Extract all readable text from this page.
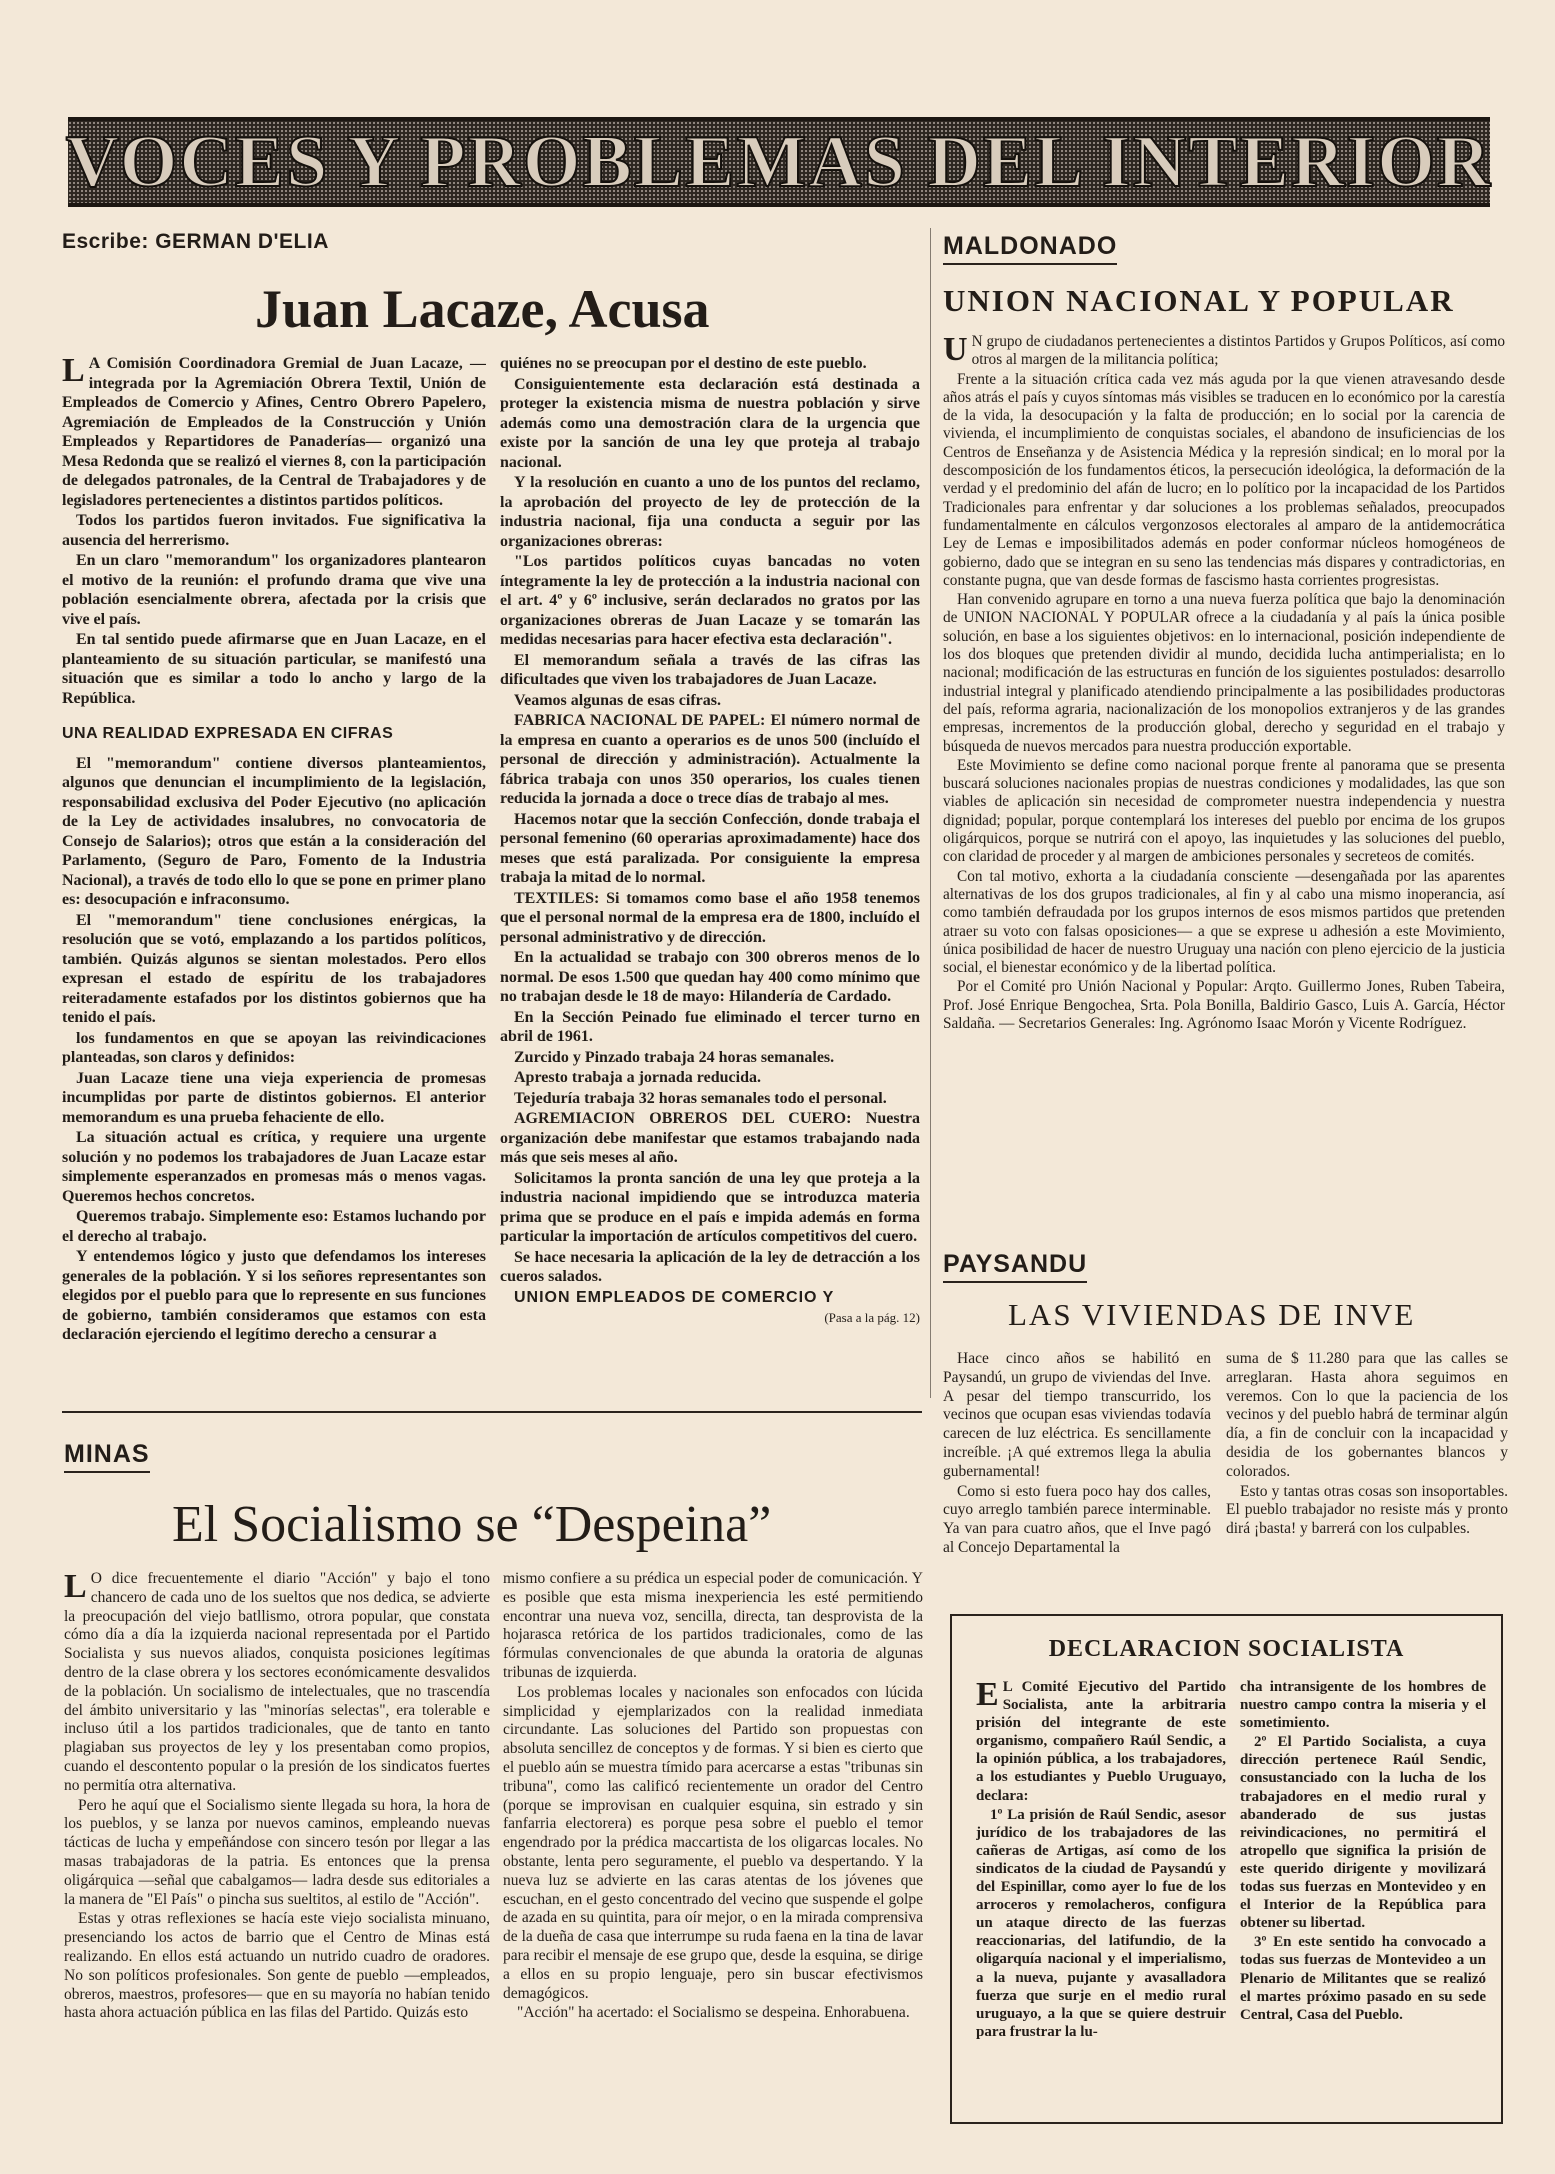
VOCES Y PROBLEMAS DEL INTERIOR
Escribe: GERMAN D'ELIA
Juan Lacaze, Acusa

LA Comisión Coordinadora Gremial de Juan Lacaze, —integrada por la Agremiación Obrera Textil, Unión de Empleados de Comercio y Afines, Centro Obrero Papelero, Agremiación de Empleados de la Construcción y Unión Empleados y Repartidores de Panaderías— organizó una Mesa Redonda que se realizó el viernes 8, con la participación de delegados patronales, de la Central de Trabajadores y de legisladores pertenecientes a distintos partidos políticos.

Todos los partidos fueron invitados. Fue significativa la ausencia del herrerismo.

En un claro "memorandum" los organizadores plantearon el motivo de la reunión: el profundo drama que vive una población esencialmente obrera, afectada por la crisis que vive el país.

En tal sentido puede afirmarse que en Juan Lacaze, en el planteamiento de su situación particular, se manifestó una situación que es similar a todo lo ancho y largo de la República.

UNA REALIDAD EXPRESADA EN CIFRAS

El "memorandum" contiene diversos planteamientos, algunos que denuncian el incumplimiento de la legislación, responsabilidad exclusiva del Poder Ejecutivo (no aplicación de la Ley de actividades insalubres, no convocatoria de Consejo de Salarios); otros que están a la consideración del Parlamento, (Seguro de Paro, Fomento de la Industria Nacional), a través de todo ello lo que se pone en primer plano es: desocupación e infraconsumo.

El "memorandum" tiene conclusiones enérgicas, la resolución que se votó, emplazando a los partidos políticos, también. Quizás algunos se sientan molestados. Pero ellos expresan el estado de espíritu de los trabajadores reiteradamente estafados por los distintos gobiernos que ha tenido el país.

los fundamentos en que se apoyan las reivindicaciones planteadas, son claros y definidos:

Juan Lacaze tiene una vieja experiencia de promesas incumplidas por parte de distintos gobiernos. El anterior memorandum es una prueba fehaciente de ello.

La situación actual es crítica, y requiere una urgente solución y no podemos los trabajadores de Juan Lacaze estar simplemente esperanzados en promesas más o menos vagas. Queremos hechos concretos.

Queremos trabajo. Simplemente eso: Estamos luchando por el derecho al trabajo.

Y entendemos lógico y justo que defendamos los intereses generales de la población. Y si los señores representantes son elegidos por el pueblo para que lo represente en sus funciones de gobierno, también consideramos que estamos con esta declaración ejerciendo el legítimo derecho a censurar a

quiénes no se preocupan por el destino de este pueblo.

Consiguientemente esta declaración está destinada a proteger la existencia misma de nuestra población y sirve además como una demostración clara de la urgencia que existe por la sanción de una ley que proteja al trabajo nacional.

Y la resolución en cuanto a uno de los puntos del reclamo, la aprobación del proyecto de ley de protección de la industria nacional, fija una conducta a seguir por las organizaciones obreras:

"Los partidos políticos cuyas bancadas no voten íntegramente la ley de protección a la industria nacional con el art. 4º y 6º inclusive, serán declarados no gratos por las organizaciones obreras de Juan Lacaze y se tomarán las medidas necesarias para hacer efectiva esta declaración".

El memorandum señala a través de las cifras las dificultades que viven los trabajadores de Juan Lacaze.

Veamos algunas de esas cifras.

FABRICA NACIONAL DE PAPEL: El número normal de la empresa en cuanto a operarios es de unos 500 (incluído el personal de dirección y administración). Actualmente la fábrica trabaja con unos 350 operarios, los cuales tienen reducida la jornada a doce o trece días de trabajo al mes.

Hacemos notar que la sección Confección, donde trabaja el personal femenino (60 operarias aproximadamente) hace dos meses que está paralizada. Por consiguiente la empresa trabaja la mitad de lo normal.

TEXTILES: Si tomamos como base el año 1958 tenemos que el personal normal de la empresa era de 1800, incluído el personal administrativo y de dirección.

En la actualidad se trabajo con 300 obreros menos de lo normal. De esos 1.500 que quedan hay 400 como mínimo que no trabajan desde le 18 de mayo: Hilandería de Cardado.

En la Sección Peinado fue eliminado el tercer turno en abril de 1961.

Zurcido y Pinzado trabaja 24 horas semanales.

Apresto trabaja a jornada reducida.

Tejeduría trabaja 32 horas semanales todo el personal.

AGREMIACION OBREROS DEL CUERO: Nuestra organización debe manifestar que estamos trabajando nada más que seis meses al año.

Solicitamos la pronta sanción de una ley que proteja a la industria nacional impidiendo que se introduzca materia prima que se produce en el país e impida además en forma particular la importación de artículos competitivos del cuero.

Se hace necesaria la aplicación de la ley de detracción a los cueros salados.

UNION EMPLEADOS DE COMERCIO Y

(Pasa a la pág. 12)

MALDONADO
UNION NACIONAL Y POPULAR

UN grupo de ciudadanos pertenecientes a distintos Partidos y Grupos Políticos, así como otros al margen de la militancia política;

Frente a la situación crítica cada vez más aguda por la que vienen atravesando desde años atrás el país y cuyos síntomas más visibles se traducen en lo económico por la carestía de la vida, la desocupación y la falta de producción; en lo social por la carencia de vivienda, el incumplimiento de conquistas sociales, el abandono de insuficiencias de los Centros de Enseñanza y de Asistencia Médica y la represión sindical; en lo moral por la descomposición de los fundamentos éticos, la persecución ideológica, la deformación de la verdad y el predominio del afán de lucro; en lo político por la incapacidad de los Partidos Tradicionales para enfrentar y dar soluciones a los problemas señalados, preocupados fundamentalmente en cálculos vergonzosos electorales al amparo de la antidemocrática Ley de Lemas e imposibilitados además en poder conformar núcleos homogéneos de gobierno, dado que se integran en su seno las tendencias más dispares y contradictorias, en constante pugna, que van desde formas de fascismo hasta corrientes progresistas.

Han convenido agrupare en torno a una nueva fuerza política que bajo la denominación de UNION NACIONAL Y POPULAR ofrece a la ciudadanía y al país la única posible solución, en base a los siguientes objetivos: en lo internacional, posición independiente de los dos bloques que pretenden dividir al mundo, decidida lucha antimperialista; en lo nacional; modificación de las estructuras en función de los siguientes postulados: desarrollo industrial integral y planificado atendiendo principalmente a las posibilidades productoras del país, reforma agraria, nacionalización de los monopolios extranjeros y de las grandes empresas, incrementos de la producción global, derecho y seguridad en el trabajo y búsqueda de nuevos mercados para nuestra producción exportable.

Este Movimiento se define como nacional porque frente al panorama que se presenta buscará soluciones nacionales propias de nuestras condiciones y modalidades, las que son viables de aplicación sin necesidad de comprometer nuestra independencia y nuestra dignidad; popular, porque contemplará los intereses del pueblo por encima de los grupos oligárquicos, porque se nutrirá con el apoyo, las inquietudes y las soluciones del pueblo, con claridad de proceder y al margen de ambiciones personales y secreteos de comités.

Con tal motivo, exhorta a la ciudadanía consciente —desengañada por las aparentes alternativas de los dos grupos tradicionales, al fin y al cabo una mismo inoperancia, así como también defraudada por los grupos internos de esos mismos partidos que pretenden atraer su voto con falsas oposiciones— a que se exprese u adhesión a este Movimiento, única posibilidad de hacer de nuestro Uruguay una nación con pleno ejercicio de la justicia social, el bienestar económico y de la libertad política.

Por el Comité pro Unión Nacional y Popular: Arqto. Guillermo Jones, Ruben Tabeira, Prof. José Enrique Bengochea, Srta. Pola Bonilla, Baldirio Gasco, Luis A. García, Héctor Saldaña. — Secretarios Generales: Ing. Agrónomo Isaac Morón y Vicente Rodríguez.

PAYSANDU
LAS VIVIENDAS DE INVE

Hace cinco años se habilitó en Paysandú, un grupo de viviendas del Inve. A pesar del tiempo transcurrido, los vecinos que ocupan esas viviendas todavía carecen de luz eléctrica. Es sencillamente increíble. ¡A qué extremos llega la abulia gubernamental!

Como si esto fuera poco hay dos calles, cuyo arreglo también parece interminable. Ya van para cuatro años, que el Inve pagó al Concejo Departamental la

suma de $ 11.280 para que las calles se arreglaran. Hasta ahora seguimos en veremos. Con lo que la paciencia de los vecinos y del pueblo habrá de terminar algún día, a fin de concluir con la incapacidad y desidia de los gobernantes blancos y colorados.

Esto y tantas otras cosas son insoportables. El pueblo trabajador no resiste más y pronto dirá ¡basta! y barrerá con los culpables.

MINAS
El Socialismo se “Despeina”

LO dice frecuentemente el diario "Acción" y bajo el tono chancero de cada uno de los sueltos que nos dedica, se advierte la preocupación del viejo batllismo, otrora popular, que constata cómo día a día la izquierda nacional representada por el Partido Socialista y sus nuevos aliados, conquista posiciones legítimas dentro de la clase obrera y los sectores económicamente desvalidos de la población. Un socialismo de intelectuales, que no trascendía del ámbito universitario y las "minorías selectas", era tolerable e incluso útil a los partidos tradicionales, que de tanto en tanto plagiaban sus proyectos de ley y los presentaban como propios, cuando el descontento popular o la presión de los sindicatos fuertes no permitía otra alternativa.

Pero he aquí que el Socialismo siente llegada su hora, la hora de los pueblos, y se lanza por nuevos caminos, empleando nuevas tácticas de lucha y empeñándose con sincero tesón por llegar a las masas trabajadoras de la patria. Es entonces que la prensa oligárquica —señal que cabalgamos— ladra desde sus editoriales a la manera de "El País" o pincha sus sueltitos, al estilo de "Acción".

Estas y otras reflexiones se hacía este viejo socialista minuano, presenciando los actos de barrio que el Centro de Minas está realizando. En ellos está actuando un nutrido cuadro de oradores. No son políticos profesionales. Son gente de pueblo —empleados, obreros, maestros, profesores— que en su mayoría no habían tenido hasta ahora actuación pública en las filas del Partido. Quizás esto

mismo confiere a su prédica un especial poder de comunicación. Y es posible que esta misma inexperiencia les esté permitiendo encontrar una nueva voz, sencilla, directa, tan desprovista de la hojarasca retórica de los partidos tradicionales, como de las fórmulas convencionales de que abunda la oratoria de algunas tribunas de izquierda.

Los problemas locales y nacionales son enfocados con lúcida simplicidad y ejemplarizados con la realidad inmediata circundante. Las soluciones del Partido son propuestas con absoluta sencillez de conceptos y de formas. Y si bien es cierto que el pueblo aún se muestra tímido para acercarse a estas "tribunas sin tribuna", como las calificó recientemente un orador del Centro (porque se improvisan en cualquier esquina, sin estrado y sin fanfarria electorera) es porque pesa sobre el pueblo el temor engendrado por la prédica maccartista de los oligarcas locales. No obstante, lenta pero seguramente, el pueblo va despertando. Y la nueva luz se advierte en las caras atentas de los jóvenes que escuchan, en el gesto concentrado del vecino que suspende el golpe de azada en su quintita, para oír mejor, o en la mirada comprensiva de la dueña de casa que interrumpe su ruda faena en la tina de lavar para recibir el mensaje de ese grupo que, desde la esquina, se dirige a ellos en su propio lenguaje, pero sin buscar efectivismos demagógicos.

"Acción" ha acertado: el Socialismo se despeina. Enhorabuena.

DECLARACION SOCIALISTA

EL Comité Ejecutivo del Partido Socialista, ante la arbitraria prisión del integrante de este organismo, compañero Raúl Sendic, a la opinión pública, a los trabajadores, a los estudiantes y Pueblo Uruguayo, declara:

1º La prisión de Raúl Sendic, asesor jurídico de los trabajadores de las cañeras de Artigas, así como de los sindicatos de la ciudad de Paysandú y del Espinillar, como ayer lo fue de los arroceros y remolacheros, configura un ataque directo de las fuerzas reaccionarias, del latifundio, de la oligarquía nacional y el imperialismo, a la nueva, pujante y avasalladora fuerza que surje en el medio rural uruguayo, a la que se quiere destruir para frustrar la lu-

cha intransigente de los hombres de nuestro campo contra la miseria y el sometimiento.

2º El Partido Socialista, a cuya dirección pertenece Raúl Sendic, consustanciado con la lucha de los trabajadores en el medio rural y abanderado de sus justas reivindicaciones, no permitirá el atropello que significa la prisión de este querido dirigente y movilizará todas sus fuerzas en Montevideo y en el Interior de la República para obtener su libertad.

3º En este sentido ha convocado a todas sus fuerzas de Montevideo a un Plenario de Militantes que se realizó el martes próximo pasado en su sede Central, Casa del Pueblo.
